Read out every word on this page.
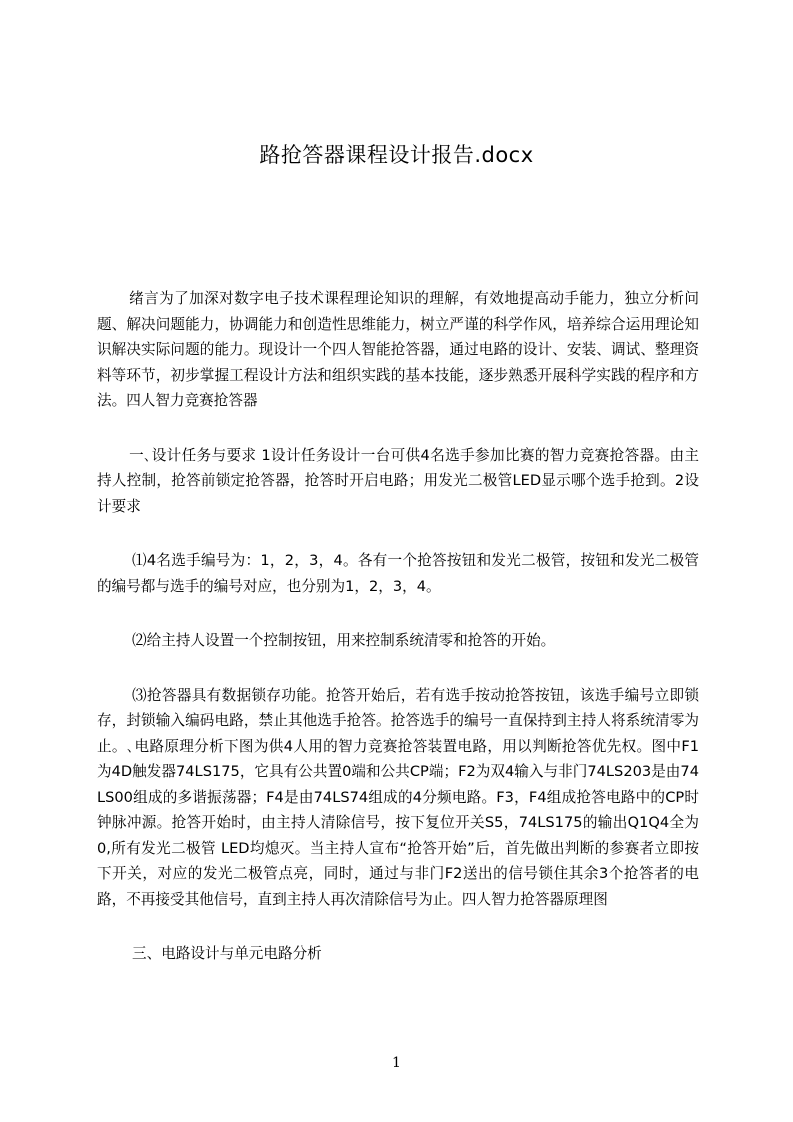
路抢答器课程设计报告.docx

绪言为了加深对数字电子技术课程理论知识的理解，有效地提高动手能力，独立分析问题、解决问题能力，协调能力和创造性思维能力，树立严谨的科学作风，培养综合运用理论知识解决实际问题的能力。现设计一个四人智能抢答器，通过电路的设计、安装、调试、整理资料等环节，初步掌握工程设计方法和组织实践的基本技能，逐步熟悉开展科学实践的程序和方法。四人智力竞赛抢答器

一､设计任务与要求 1设计任务设计一台可供4名选手参加比赛的智力竞赛抢答器。由主持人控制，抢答前锁定抢答器，抢答时开启电路；用发光二极管LED显示哪个选手抢到。2设计要求

⑴4名选手编号为：1，2，3，4。各有一个抢答按钮和发光二极管，按钮和发光二极管的编号都与选手的编号对应，也分别为1，2，3，4。

⑵给主持人设置一个控制按钮，用来控制系统清零和抢答的开始。

⑶抢答器具有数据锁存功能。抢答开始后，若有选手按动抢答按钮，该选手编号立即锁存，封锁输入编码电路，禁止其他选手抢答。抢答选手的编号一直保持到主持人将系统清零为止。､电路原理分析下图为供4人用的智力竞赛抢答装置电路，用以判断抢答优先权。图中F1为4D触发器74LS175，它具有公共置0端和公共CP端；F2为双4输入与非门74LS203是由74LS00组成的多谐振荡器；F4是由74LS74组成的4分频电路。F3，F4组成抢答电路中的CP时钟脉冲源。抢答开始时，由主持人清除信号，按下复位开关S5，74LS175的输出Q1Q4全为0,所有发光二极管 LED均熄灭。当主持人宣布“抢答开始”后，首先做出判断的参赛者立即按下开关，对应的发光二极管点亮，同时，通过与非门F2送出的信号锁住其余3个抢答者的电路，不再接受其他信号，直到主持人再次清除信号为止。四人智力抢答器原理图

三、电路设计与单元电路分析

1
